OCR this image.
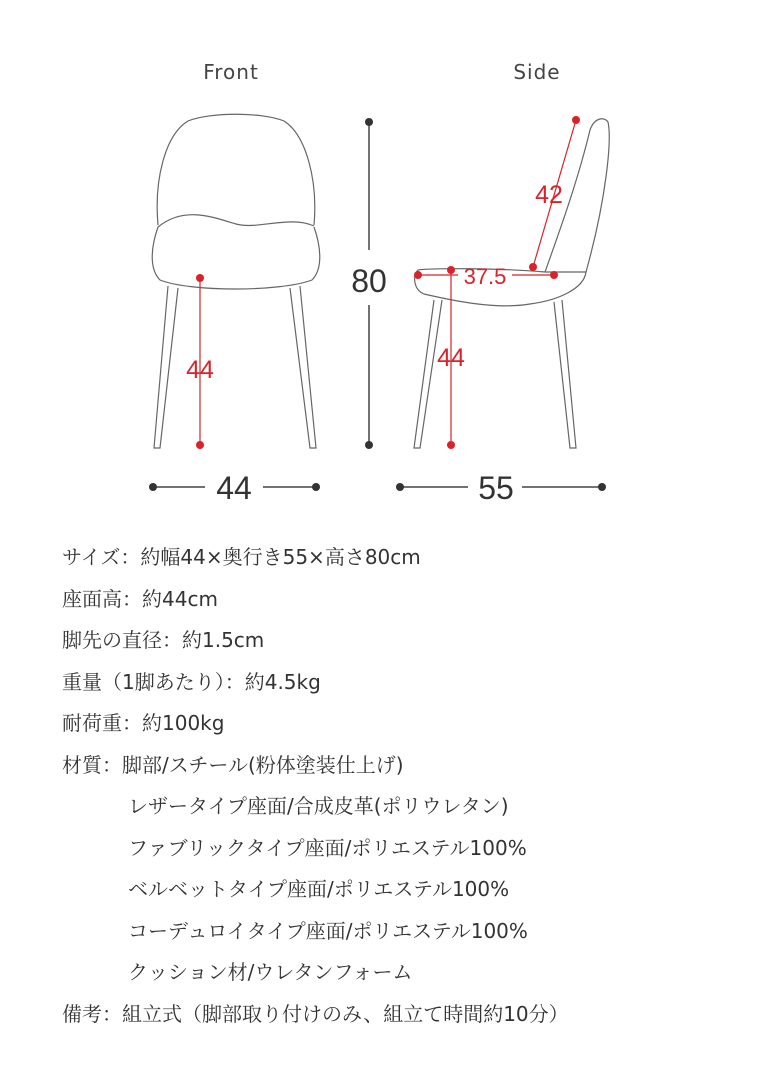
Front	Side
44
44
80
42
37.5
44
55
サイズ：約幅44×奥行き55×高さ80cm
座面高：約44cm
脚先の直径：約1.5cm
重量（1脚あたり）：約4.5kg
耐荷重：約100kg
材質：脚部/スチール(粉体塗装仕上げ)
レザータイプ座面/合成皮革(ポリウレタン)
ファブリックタイプ座面/ポリエステル100%
ベルベットタイプ座面/ポリエステル100%
コーデュロイタイプ座面/ポリエステル100%
クッション材/ウレタンフォーム
備考：組立式（脚部取り付けのみ、組立て時間約10分）
